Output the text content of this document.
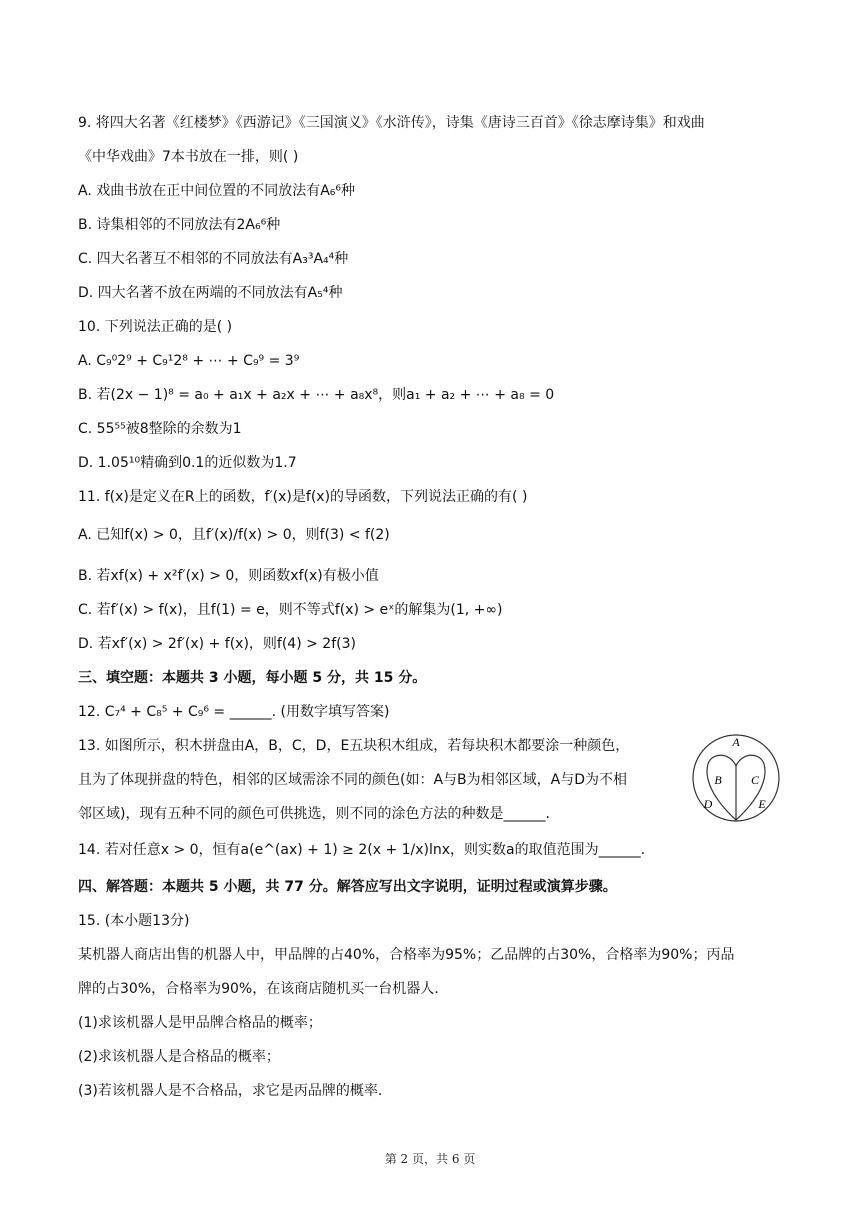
9. 将四大名著《红楼梦》《西游记》《三国演义》《水浒传》，诗集《唐诗三百首》《徐志摩诗集》和戏曲
《中华戏曲》7本书放在一排，则( )
A. 戏曲书放在正中间位置的不同放法有A₆⁶种
B. 诗集相邻的不同放法有2A₆⁶种
C. 四大名著互不相邻的不同放法有A₃³A₄⁴种
D. 四大名著不放在两端的不同放法有A₅⁴种
10. 下列说法正确的是( )
A. C₉⁰2⁹ + C₉¹2⁸ + ⋯ + C₉⁹ = 3⁹
B. 若(2x − 1)⁸ = a₀ + a₁x + a₂x + ⋯ + a₈x⁸，则a₁ + a₂ + ⋯ + a₈ = 0
C. 55⁵⁵被8整除的余数为1
D. 1.05¹⁰精确到0.1的近似数为1.7
11. f(x)是定义在R上的函数，f′(x)是f(x)的导函数，下列说法正确的有( )
A. 已知f(x) > 0，且f′(x)/f(x) > 0，则f(3) < f(2)
B. 若xf(x) + x²f′(x) > 0，则函数xf(x)有极小值
C. 若f′(x) > f(x)，且f(1) = e，则不等式f(x) > eˣ的解集为(1, +∞)
D. 若xf′(x) > 2f′(x) + f(x)，则f(4) > 2f(3)
三、填空题：本题共 3 小题，每小题 5 分，共 15 分。
12. C₇⁴ + C₈⁵ + C₉⁶ = ______. (用数字填写答案)
13. 如图所示，积木拼盘由A，B，C，D，E五块积木组成，若每块积木都要涂一种颜色，
且为了体现拼盘的特色，相邻的区域需涂不同的颜色(如：A与B为相邻区域，A与D为不相
邻区域)，现有五种不同的颜色可供挑选，则不同的涂色方法的种数是______.
A
B C
D	E
14. 若对任意x > 0，恒有a(e^(ax) + 1) ≥ 2(x + 1/x)lnx，则实数a的取值范围为______.
四、解答题：本题共 5 小题，共 77 分。解答应写出文字说明，证明过程或演算步骤。
15. (本小题13分)
某机器人商店出售的机器人中，甲品牌的占40%，合格率为95%；乙品牌的占30%，合格率为90%；丙品
牌的占30%，合格率为90%，在该商店随机买一台机器人.
(1)求该机器人是甲品牌合格品的概率；
(2)求该机器人是合格品的概率；
(3)若该机器人是不合格品，求它是丙品牌的概率.
第 2 页，共 6 页
